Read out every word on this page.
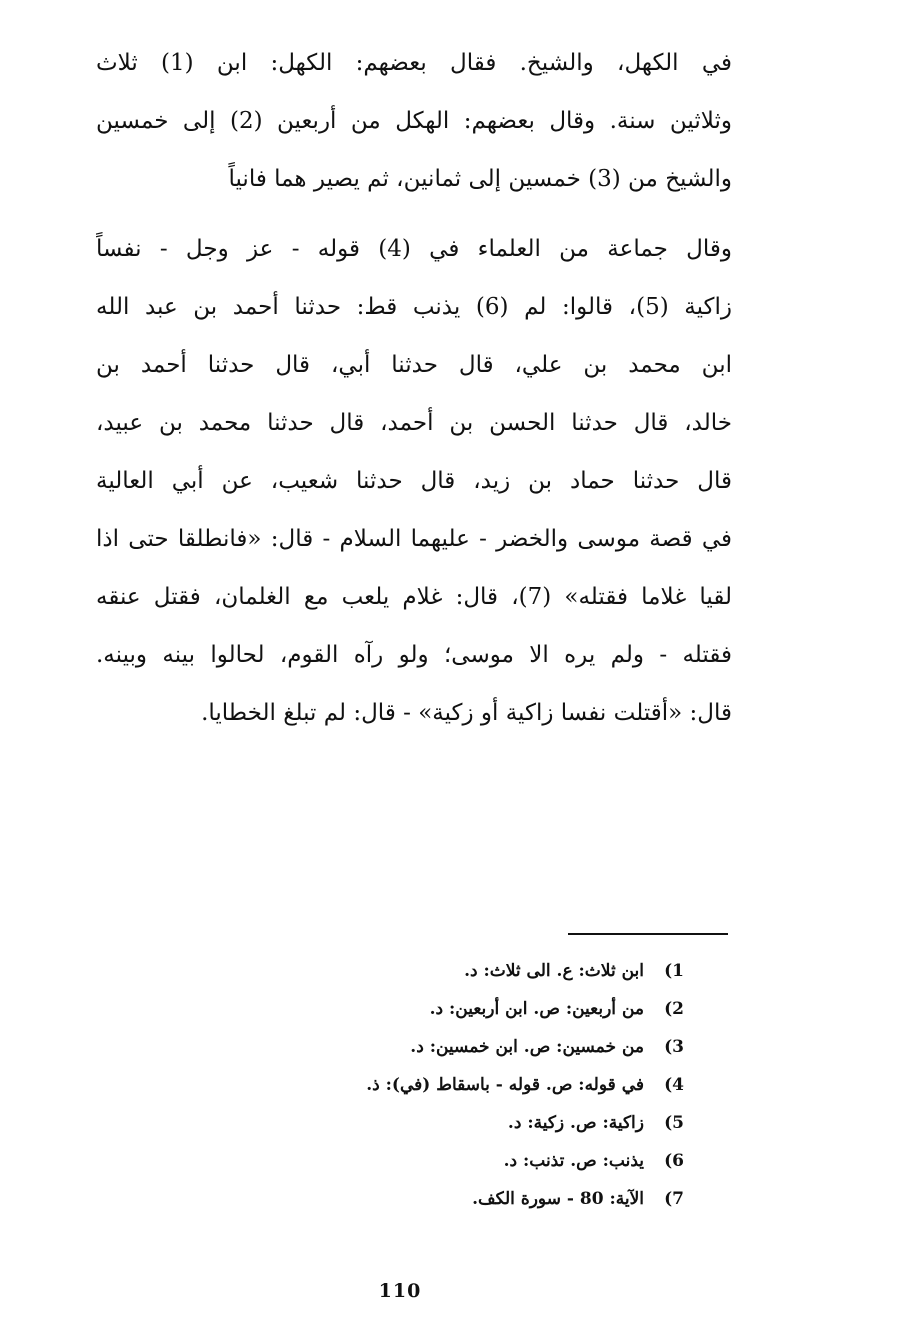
في الكهل، والشيخ. فقال بعضهم: الكهل: ابن (1) ثلاث
وثلاثين سنة. وقال بعضهم: الهكل من أربعين (2) إلى خمسين
والشيخ من (3) خمسين إلى ثمانين، ثم يصير هما فانياً
وقال جماعة من العلماء في (4) قوله - عز وجل - نفساً
زاكية (5)، قالوا: لم (6) يذنب قط: حدثنا أحمد بن عبد الله
ابن محمد بن علي، قال حدثنا أبي، قال حدثنا أحمد بن
خالد، قال حدثنا الحسن بن أحمد، قال حدثنا محمد بن عبيد،
قال حدثنا حماد بن زيد، قال حدثنا شعيب، عن أبي العالية
في قصة موسى والخضر - عليهما السلام - قال: «فانطلقا حتى اذا
لقيا غلاما فقتله» (7)، قال: غلام يلعب مع الغلمان، فقتل عنقه
فقتله - ولم يره الا موسى؛ ولو رآه القوم، لحالوا بينه وبينه.
قال: «أقتلت نفسا زاكية أو زكية» - قال: لم تبلغ الخطايا.
1)
ابن ثلاث: ع. الى ثلاث: د.
2)
من أربعين: ص. ابن أربعين: د.
3)
من خمسين: ص. ابن خمسين: د.
4)
في قوله: ص. قوله - باسقاط (في): ذ.
5)
زاكية: ص. زكية: د.
6)
يذنب: ص. تذنب: د.
7)
الآية: 80 - سورة الكف.
110
